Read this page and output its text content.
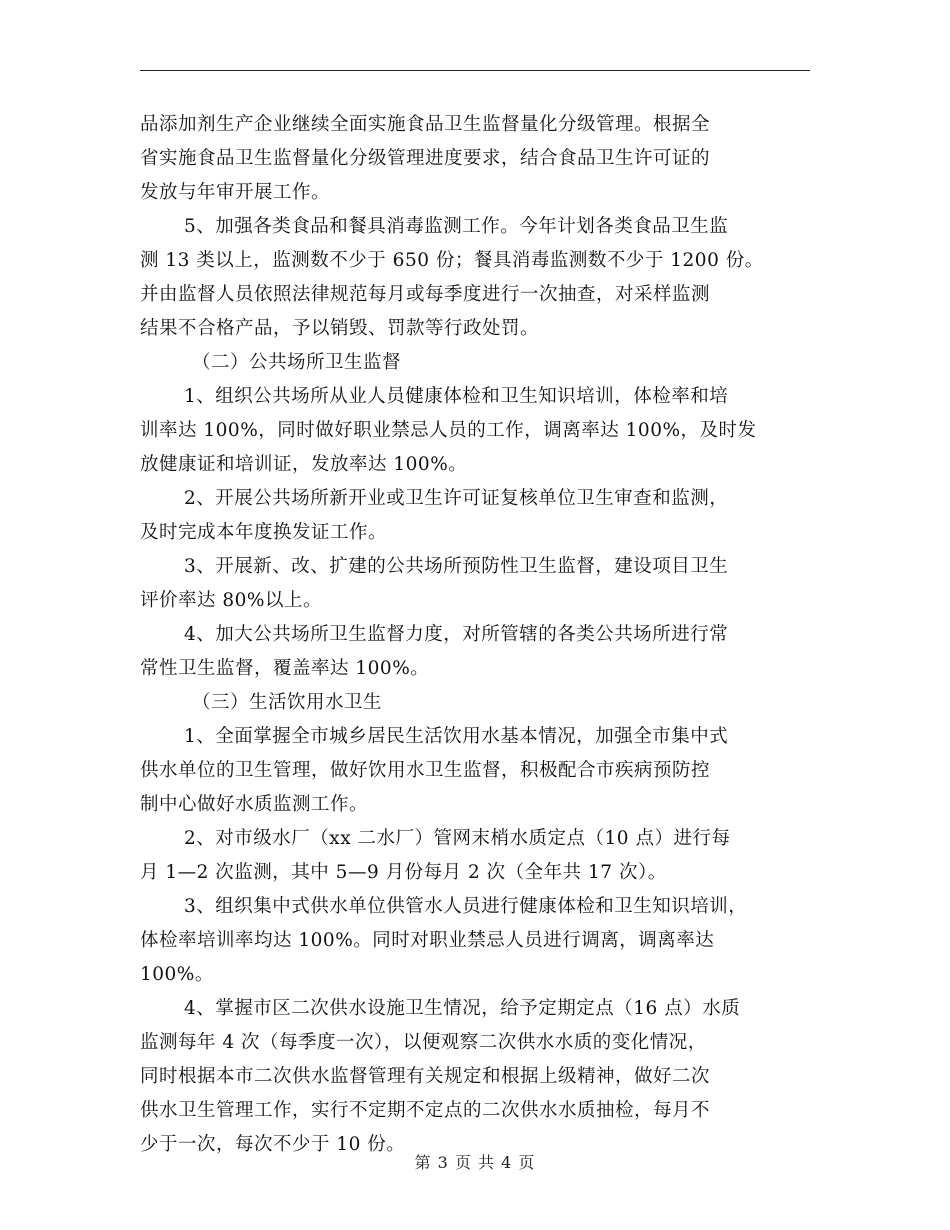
品添加剂生产企业继续全面实施食品卫生监督量化分级管理。根据全
省实施食品卫生监督量化分级管理进度要求，结合食品卫生许可证的
发放与年审开展工作。
5、加强各类食品和餐具消毒监测工作。今年计划各类食品卫生监
测 13 类以上，监测数不少于 650 份；餐具消毒监测数不少于 1200 份。
并由监督人员依照法律规范每月或每季度进行一次抽查，对采样监测
结果不合格产品，予以销毁、罚款等行政处罚。
（二）公共场所卫生监督
1、组织公共场所从业人员健康体检和卫生知识培训，体检率和培
训率达 100%，同时做好职业禁忌人员的工作，调离率达 100%，及时发
放健康证和培训证，发放率达 100%。
2、开展公共场所新开业或卫生许可证复核单位卫生审查和监测，
及时完成本年度换发证工作。
3、开展新、改、扩建的公共场所预防性卫生监督，建设项目卫生
评价率达 80%以上。
4、加大公共场所卫生监督力度，对所管辖的各类公共场所进行常
常性卫生监督，覆盖率达 100%。
（三）生活饮用水卫生
1、全面掌握全市城乡居民生活饮用水基本情况，加强全市集中式
供水单位的卫生管理，做好饮用水卫生监督，积极配合市疾病预防控
制中心做好水质监测工作。
2、对市级水厂（xx 二水厂）管网末梢水质定点（10 点）进行每
月 1—2 次监测，其中 5—9 月份每月 2 次（全年共 17 次）。
3、组织集中式供水单位供管水人员进行健康体检和卫生知识培训，
体检率培训率均达 100%。同时对职业禁忌人员进行调离，调离率达
100%。
4、掌握市区二次供水设施卫生情况，给予定期定点（16 点）水质
监测每年 4 次（每季度一次），以便观察二次供水水质的变化情况，
同时根据本市二次供水监督管理有关规定和根据上级精神，做好二次
供水卫生管理工作，实行不定期不定点的二次供水水质抽检，每月不
少于一次，每次不少于 10 份。
第 3 页 共 4 页
